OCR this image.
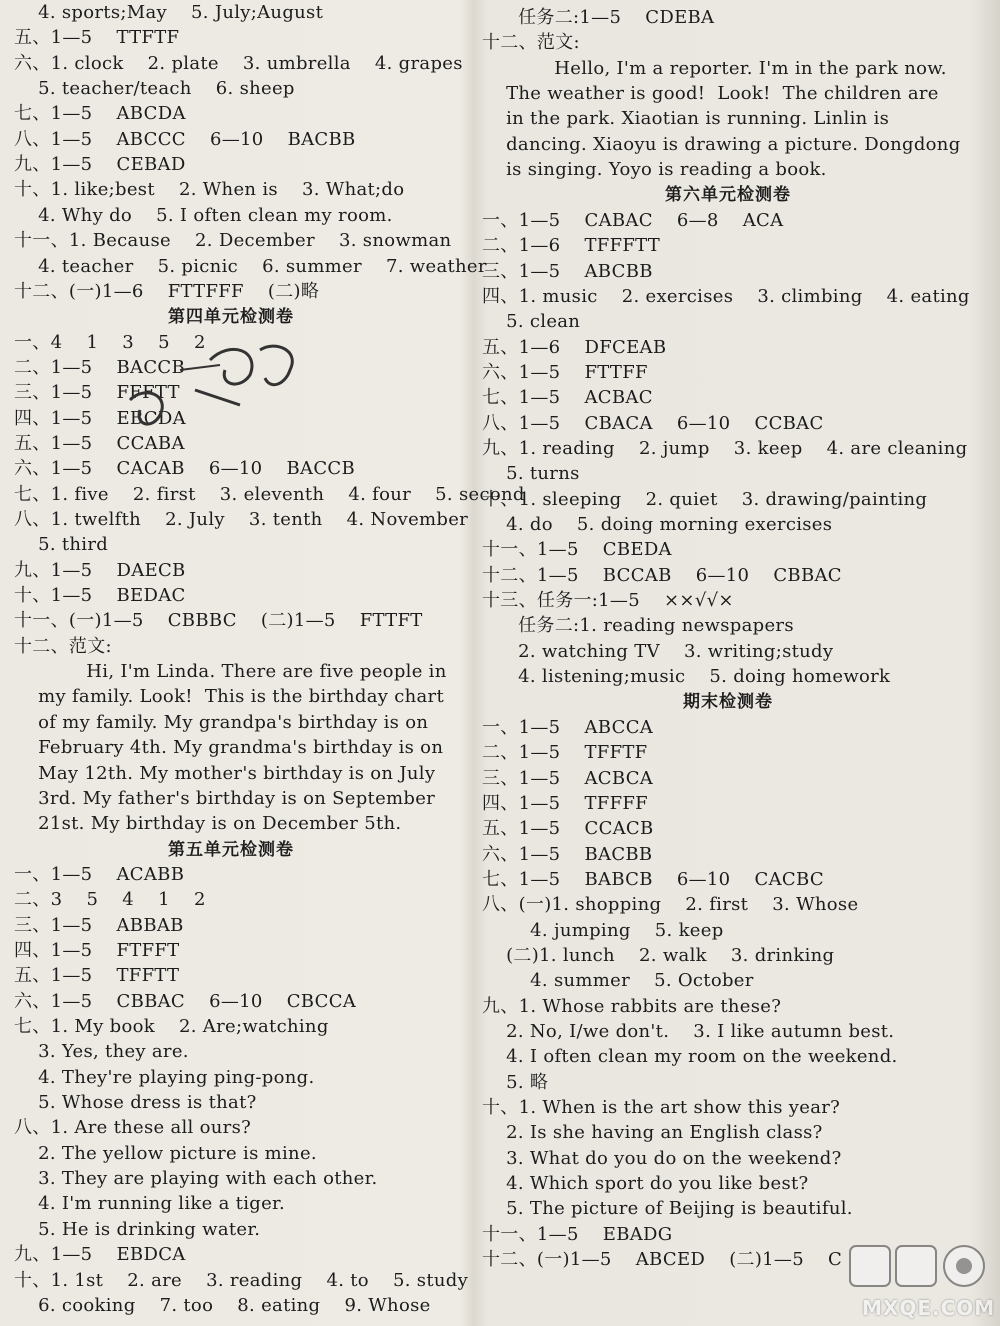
4. sports;May    5. July;August
五、1—5    TTFTF
六、1. clock    2. plate    3. umbrella    4. grapes
5. teacher/teach    6. sheep
七、1—5    ABCDA
八、1—5    ABCCC    6—10    BACBB
九、1—5    CEBAD
十、1. like;best    2. When is    3. What;do
4. Why do    5. I often clean my room.
十一、1. Because    2. December    3. snowman
4. teacher    5. picnic    6. summer    7. weather
十二、(一)1—6    FTTFFF    (二)略
第四单元检测卷
一、4    1    3    5    2
二、1—5    BACCB
三、1—5    FFFTT
四、1—5    EBCDA
五、1—5    CCABA
六、1—5    CACAB    6—10    BACCB
七、1. five    2. first    3. eleventh    4. four    5. second
八、1. twelfth    2. July    3. tenth    4. November
5. third
九、1—5    DAECB
十、1—5    BEDAC
十一、(一)1—5    CBBBC    (二)1—5    FTTFT
十二、范文:
Hi, I'm Linda. There are five people in
my family. Look!  This is the birthday chart
of my family. My grandpa's birthday is on
February 4th. My grandma's birthday is on
May 12th. My mother's birthday is on July
3rd. My father's birthday is on September
21st. My birthday is on December 5th.
第五单元检测卷
一、1—5    ACABB
二、3    5    4    1    2
三、1—5    ABBAB
四、1—5    FTFFT
五、1—5    TFFTT
六、1—5    CBBAC    6—10    CBCCA
七、1. My book    2. Are;watching
3. Yes, they are.
4. They're playing ping-pong.
5. Whose dress is that?
八、1. Are these all ours?
2. The yellow picture is mine.
3. They are playing with each other.
4. I'm running like a tiger.
5. He is drinking water.
九、1—5    EBDCA
十、1. 1st    2. are    3. reading    4. to    5. study
6. cooking    7. too    8. eating    9. Whose
任务二:1—5    CDEBA
十二、范文:
Hello, I'm a reporter. I'm in the park now.
The weather is good!  Look!  The children are
in the park. Xiaotian is running. Linlin is
dancing. Xiaoyu is drawing a picture. Dongdong
is singing. Yoyo is reading a book.
第六单元检测卷
一、1—5    CABAC    6—8    ACA
二、1—6    TFFFTT
三、1—5    ABCBB
四、1. music    2. exercises    3. climbing    4. eating
5. clean
五、1—6    DFCEAB
六、1—5    FTTFF
七、1—5    ACBAC
八、1—5    CBACA    6—10    CCBAC
九、1. reading    2. jump    3. keep    4. are cleaning
5. turns
十、1. sleeping    2. quiet    3. drawing/painting
4. do    5. doing morning exercises
十一、1—5    CBEDA
十二、1—5    BCCAB    6—10    CBBAC
十三、任务一:1—5    ××√√×
任务二:1. reading newspapers
2. watching TV    3. writing;study
4. listening;music    5. doing homework
期末检测卷
一、1—5    ABCCA
二、1—5    TFFTF
三、1—5    ACBCA
四、1—5    TFFFF
五、1—5    CCACB
六、1—5    BACBB
七、1—5    BABCB    6—10    CACBC
八、(一)1. shopping    2. first    3. Whose
4. jumping    5. keep
(二)1. lunch    2. walk    3. drinking
4. summer    5. October
九、1. Whose rabbits are these?
2. No, I/we don't.    3. I like autumn best.
4. I often clean my room on the weekend.
5. 略
十、1. When is the art show this year?
2. Is she having an English class?
3. What do you do on the weekend?
4. Which sport do you like best?
5. The picture of Beijing is beautiful.
十一、1—5    EBADG
十二、(一)1—5    ABCED    (二)1—5    C
MXQE.COM
